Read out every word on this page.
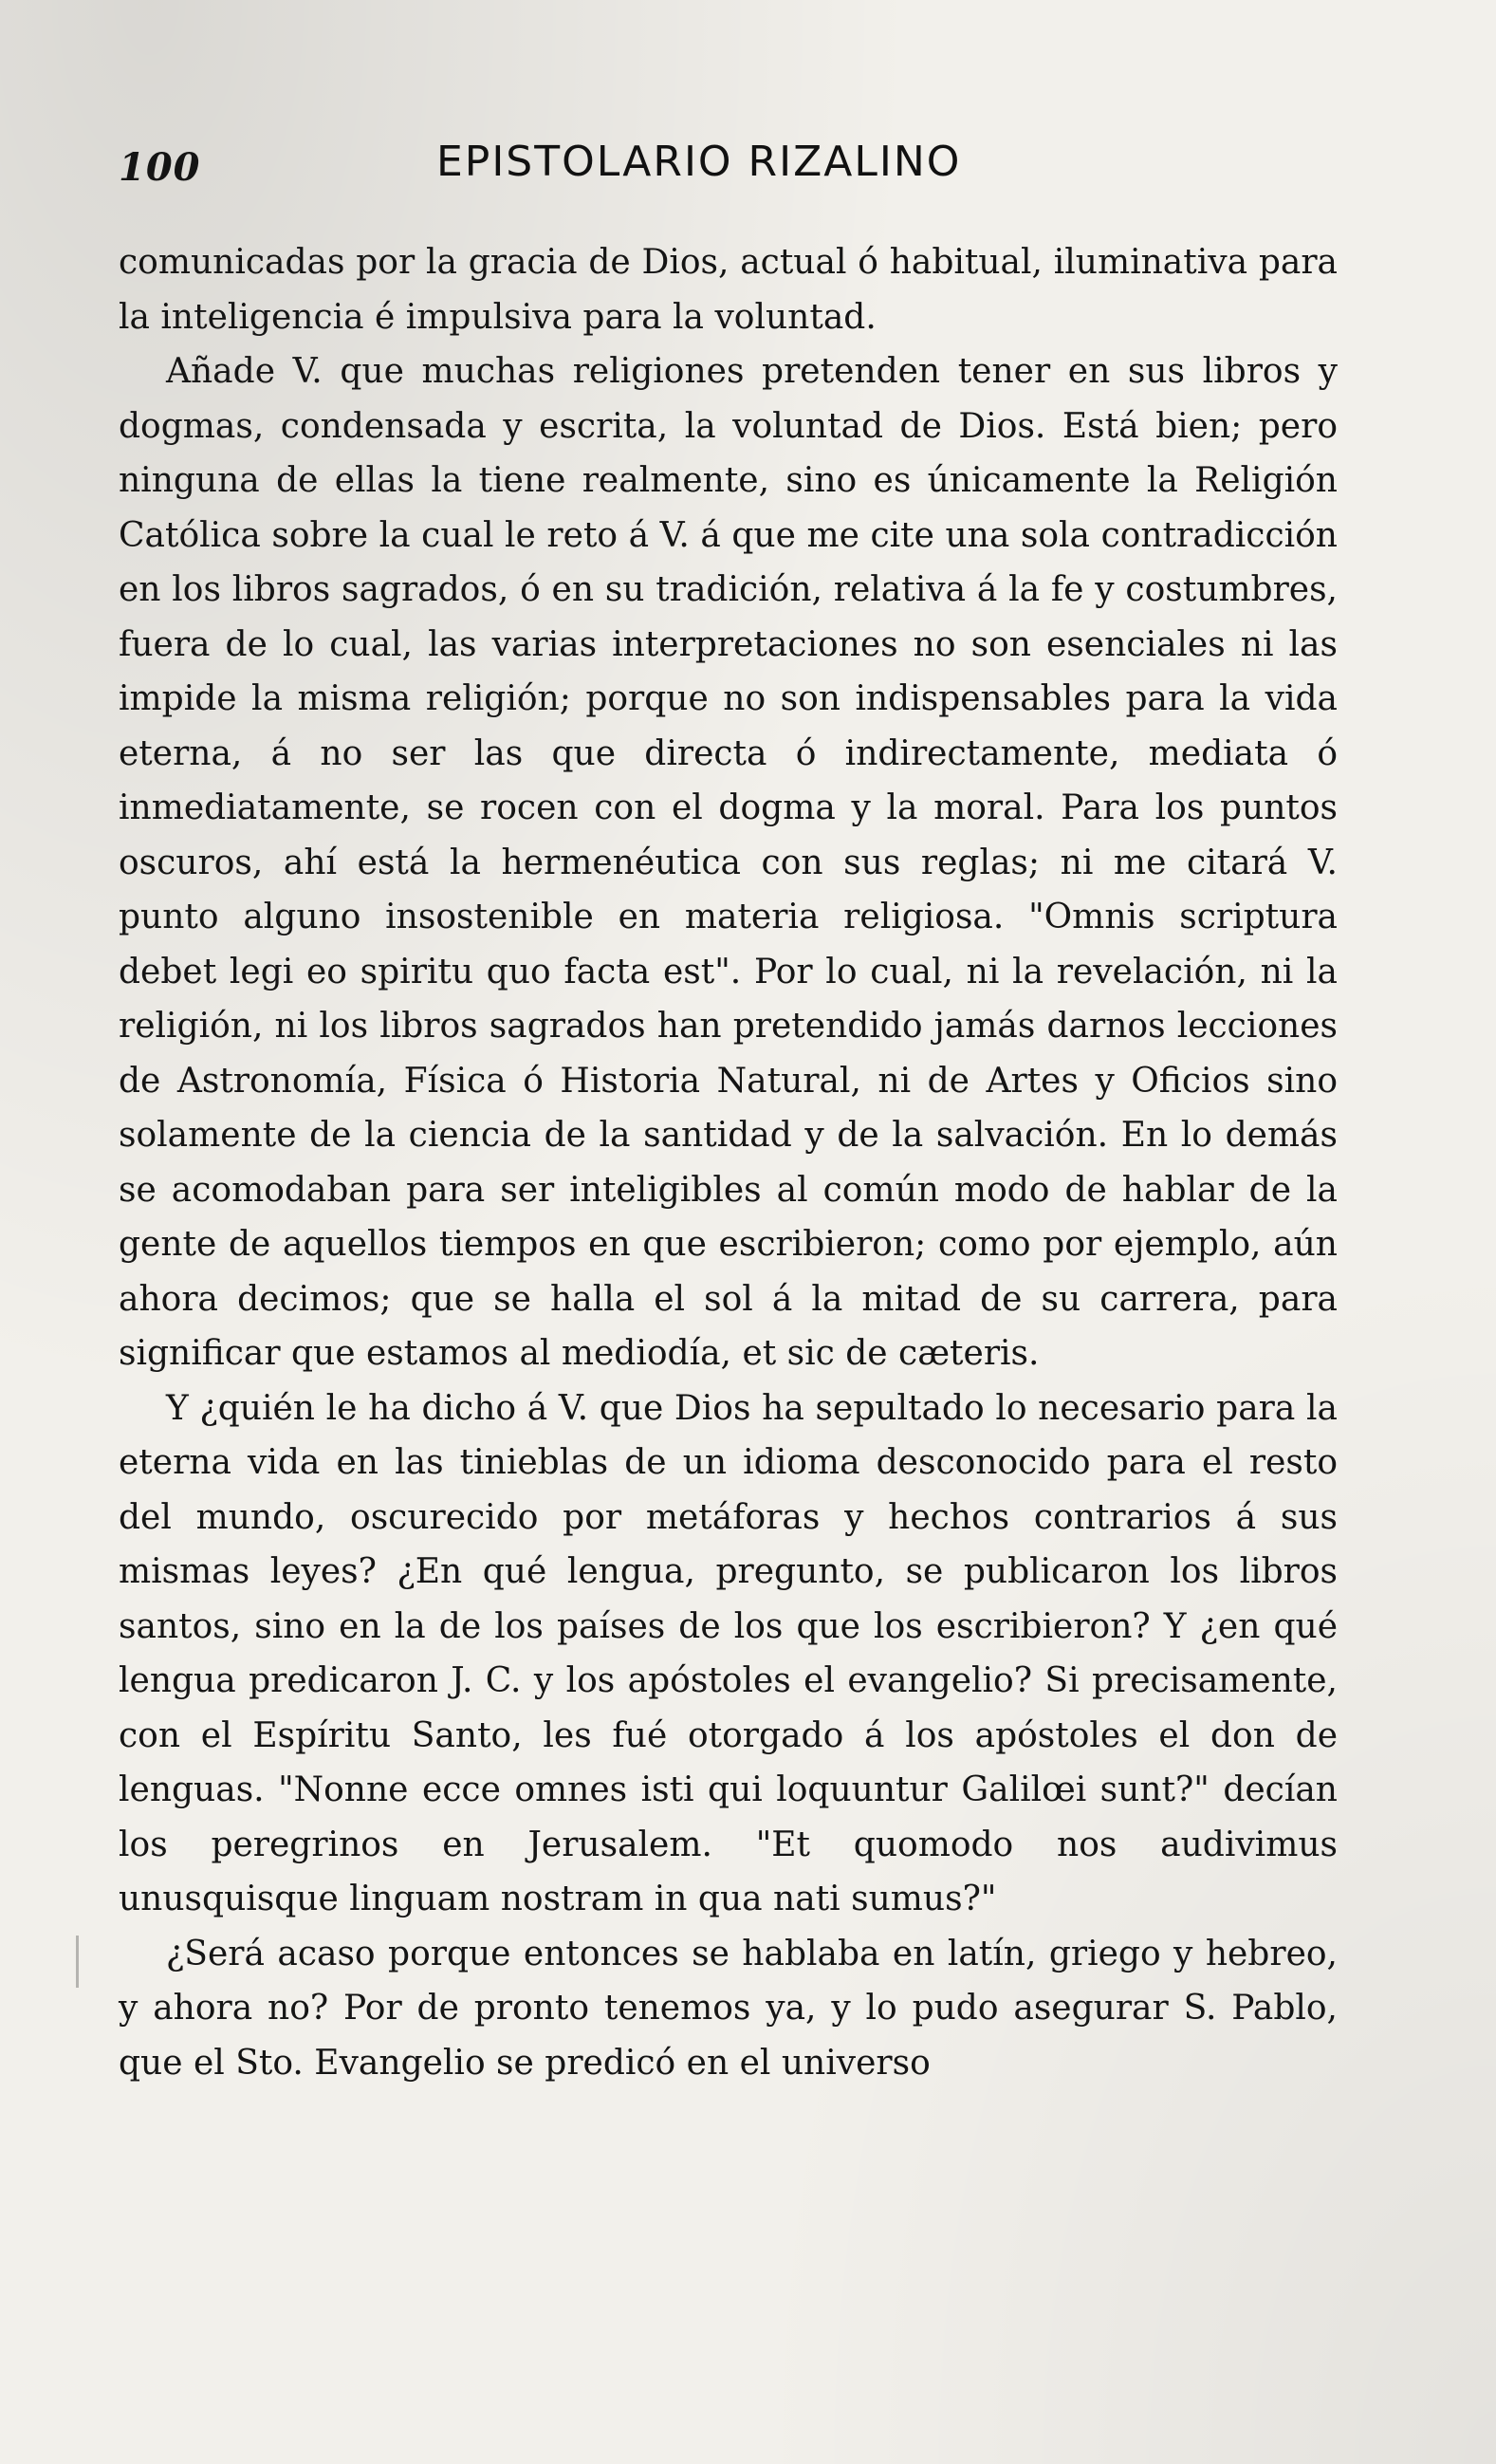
100	EPISTOLARIO RIZALINO

comunicadas por la gracia de Dios, actual ó habitual, iluminativa para la inteligencia é impulsiva para la voluntad.

Añade V. que muchas religiones pretenden tener en sus libros y dogmas, condensada y escrita, la voluntad de Dios. Está bien; pero ninguna de ellas la tiene realmente, sino es únicamente la Religión Católica sobre la cual le reto á V. á que me cite una sola contradicción en los libros sagrados, ó en su tradición, relativa á la fe y costumbres, fuera de lo cual, las varias interpretaciones no son esenciales ni las impide la misma religión; porque no son indispensables para la vida eterna, á no ser las que directa ó indirectamente, mediata ó inmediatamente, se rocen con el dogma y la moral. Para los puntos oscuros, ahí está la hermenéutica con sus reglas; ni me citará V. punto alguno insostenible en materia religiosa. "Omnis scriptura debet legi eo spiritu quo facta est". Por lo cual, ni la revelación, ni la religión, ni los libros sagrados han pretendido jamás darnos lecciones de Astronomía, Física ó Historia Natural, ni de Artes y Oficios sino solamente de la ciencia de la santidad y de la salvación. En lo demás se acomodaban para ser inteligibles al común modo de hablar de la gente de aquellos tiempos en que escribieron; como por ejemplo, aún ahora decimos; que se halla el sol á la mitad de su carrera, para significar que estamos al mediodía, et sic de cæteris.

Y ¿quién le ha dicho á V. que Dios ha sepultado lo necesario para la eterna vida en las tinieblas de un idioma desconocido para el resto del mundo, oscurecido por metáforas y hechos contrarios á sus mismas leyes? ¿En qué lengua, pregunto, se publicaron los libros santos, sino en la de los países de los que los escribieron? Y ¿en qué lengua predicaron J. C. y los apóstoles el evangelio? Si precisamente, con el Espíritu Santo, les fué otorgado á los apóstoles el don de lenguas. "Nonne ecce omnes isti qui loquuntur Galilœi sunt?" decían los peregrinos en Jerusalem. "Et quomodo nos audivimus unusquisque linguam nostram in qua nati sumus?"

¿Será acaso porque entonces se hablaba en latín, griego y hebreo, y ahora no? Por de pronto tenemos ya, y lo pudo asegurar S. Pablo, que el Sto. Evangelio se predicó en el universo
